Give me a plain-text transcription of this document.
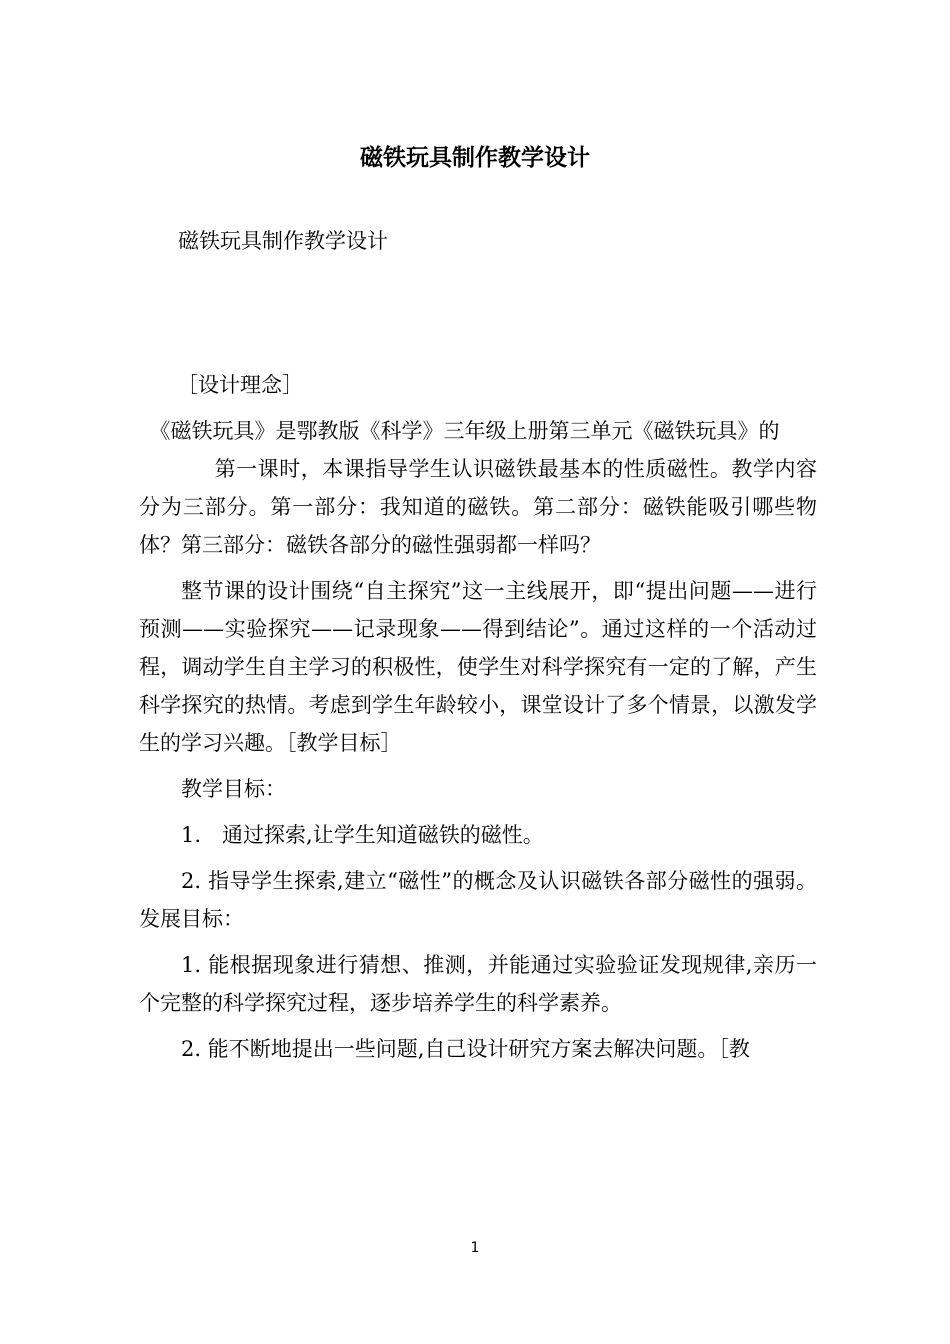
磁铁玩具制作教学设计
磁铁玩具制作教学设计

［设计理念］

《磁铁玩具》是鄂教版《科学》三年级上册第三单元《磁铁玩具》的

第一课时，本课指导学生认识磁铁最基本的性质磁性。教学内容分为三部分。第一部分：我知道的磁铁。第二部分：磁铁能吸引哪些物体？第三部分：磁铁各部分的磁性强弱都一样吗？

整节课的设计围绕“自主探究”这一主线展开，即“提出问题——进行预测——实验探究——记录现象——得到结论”。通过这样的一个活动过程，调动学生自主学习的积极性，使学生对科学探究有一定的了解，产生科学探究的热情。考虑到学生年龄较小，课堂设计了多个情景，以激发学生的学习兴趣。［教学目标］

教学目标：

1.　通过探索,让学生知道磁铁的磁性。

2. 指导学生探索,建立“磁性”的概念及认识磁铁各部分磁性的强弱。发展目标：

1. 能根据现象进行猜想、推测，并能通过实验验证发现规律,亲历一个完整的科学探究过程，逐步培养学生的科学素养。

2. 能不断地提出一些问题,自己设计研究方案去解决问题。［教

1
